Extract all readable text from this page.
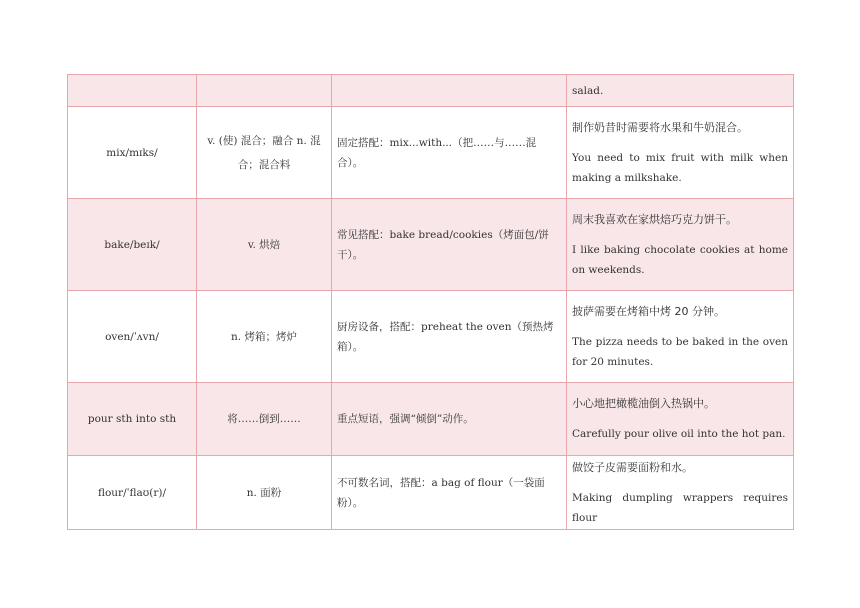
			salad.

mix/mɪks/	v. (使) 混合；融合 n. 混合；混合料	固定搭配：mix...with...（把……与……混合）。	制作奶昔时需要将水果和牛奶混合。
You need to mix fruit with milk when making a milkshake.

bake/beɪk/	v. 烘焙	常见搭配：bake bread/cookies（烤面包/饼干）。	周末我喜欢在家烘焙巧克力饼干。
I like baking chocolate cookies at home on weekends.

oven/ˈʌvn/	n. 烤箱；烤炉	厨房设备，搭配：preheat the oven（预热烤箱）。	披萨需要在烤箱中烤 20 分钟。
The pizza needs to be baked in the oven for 20 minutes.

pour sth into sth	将……倒到……	重点短语，强调“倾倒”动作。	小心地把橄榄油倒入热锅中。
Carefully pour olive oil into the hot pan.

flour/ˈflaʊ(r)/	n. 面粉	不可数名词，搭配：a bag of flour（一袋面粉）。	做饺子皮需要面粉和水。
Making dumpling wrappers requires flour
